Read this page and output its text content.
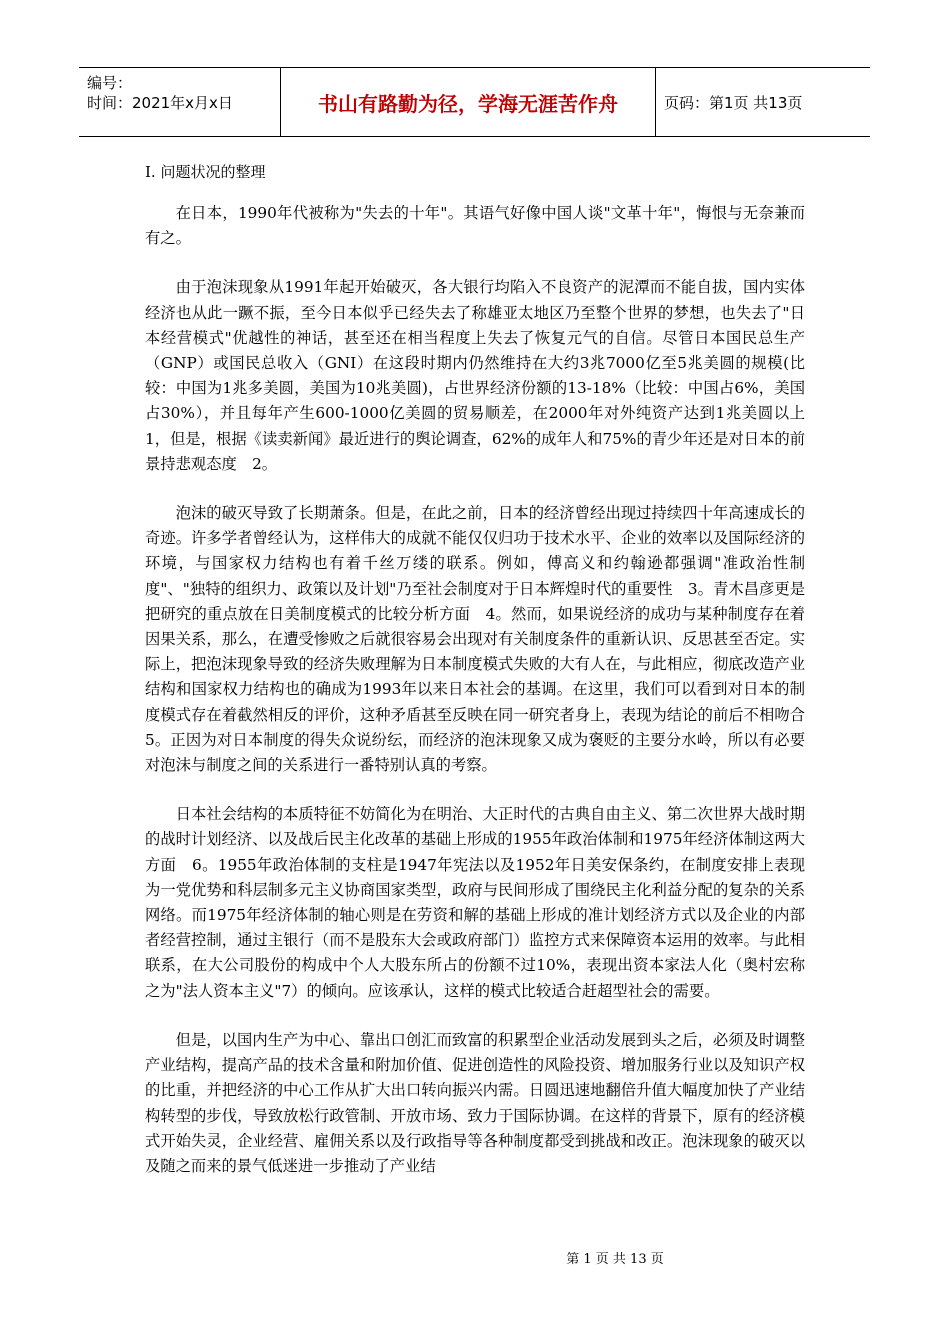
编号：
时间：2021年x月x日	书山有路勤为径，学海无涯苦作舟	页码：第1页 共13页
Ⅰ. 问题状况的整理

在日本，1990年代被称为"失去的十年"。其语气好像中国人谈"文革十年"，悔恨与无奈兼而有之。

由于泡沫现象从1991年起开始破灭，各大银行均陷入不良资产的泥潭而不能自拔，国内实体经济也从此一蹶不振，至今日本似乎已经失去了称雄亚太地区乃至整个世界的梦想，也失去了"日本经营模式"优越性的神话，甚至还在相当程度上失去了恢复元气的自信。尽管日本国民总生产（GNP）或国民总收入（GNI）在这段时期内仍然维持在大约3兆7000亿至5兆美圆的规模(比较：中国为1兆多美圆，美国为10兆美圆)，占世界经济份额的13-18%（比较：中国占6%，美国占30%），并且每年产生600-1000亿美圆的贸易顺差，在2000年对外纯资产达到1兆美圆以上　1，但是，根据《读卖新闻》最近进行的舆论调查，62%的成年人和75%的青少年还是对日本的前景持悲观态度　2。

泡沫的破灭导致了长期萧条。但是，在此之前，日本的经济曾经出现过持续四十年高速成长的奇迹。许多学者曾经认为，这样伟大的成就不能仅仅归功于技术水平、企业的效率以及国际经济的环境，与国家权力结构也有着千丝万缕的联系。例如，傅高义和约翰逊都强调"准政治性制度"、"独特的组织力、政策以及计划"乃至社会制度对于日本辉煌时代的重要性　3。青木昌彦更是把研究的重点放在日美制度模式的比较分析方面　4。然而，如果说经济的成功与某种制度存在着因果关系，那么，在遭受惨败之后就很容易会出现对有关制度条件的重新认识、反思甚至否定。实际上，把泡沫现象导致的经济失败理解为日本制度模式失败的大有人在，与此相应，彻底改造产业结构和国家权力结构也的确成为1993年以来日本社会的基调。在这里，我们可以看到对日本的制度模式存在着截然相反的评价，这种矛盾甚至反映在同一研究者身上，表现为结论的前后不相吻合　5。正因为对日本制度的得失众说纷纭，而经济的泡沫现象又成为褒贬的主要分水岭，所以有必要对泡沫与制度之间的关系进行一番特别认真的考察。

日本社会结构的本质特征不妨简化为在明治、大正时代的古典自由主义、第二次世界大战时期的战时计划经济、以及战后民主化改革的基础上形成的1955年政治体制和1975年经济体制这两大方面　6。1955年政治体制的支柱是1947年宪法以及1952年日美安保条约，在制度安排上表现为一党优势和科层制多元主义协商国家类型，政府与民间形成了围绕民主化利益分配的复杂的关系网络。而1975年经济体制的轴心则是在劳资和解的基础上形成的准计划经济方式以及企业的内部者经营控制，通过主银行（而不是股东大会或政府部门）监控方式来保障资本运用的效率。与此相联系，在大公司股份的构成中个人大股东所占的份额不过10%，表现出资本家法人化（奥村宏称之为"法人资本主义"7）的倾向。应该承认，这样的模式比较适合赶超型社会的需要。

但是，以国内生产为中心、靠出口创汇而致富的积累型企业活动发展到头之后，必须及时调整产业结构，提高产品的技术含量和附加价值、促进创造性的风险投资、增加服务行业以及知识产权的比重，并把经济的中心工作从扩大出口转向振兴内需。日圆迅速地翻倍升值大幅度加快了产业结构转型的步伐，导致放松行政管制、开放市场、致力于国际协调。在这样的背景下，原有的经济模式开始失灵，企业经营、雇佣关系以及行政指导等各种制度都受到挑战和改正。泡沫现象的破灭以及随之而来的景气低迷进一步推动了产业结

第 1 页 共 13 页
